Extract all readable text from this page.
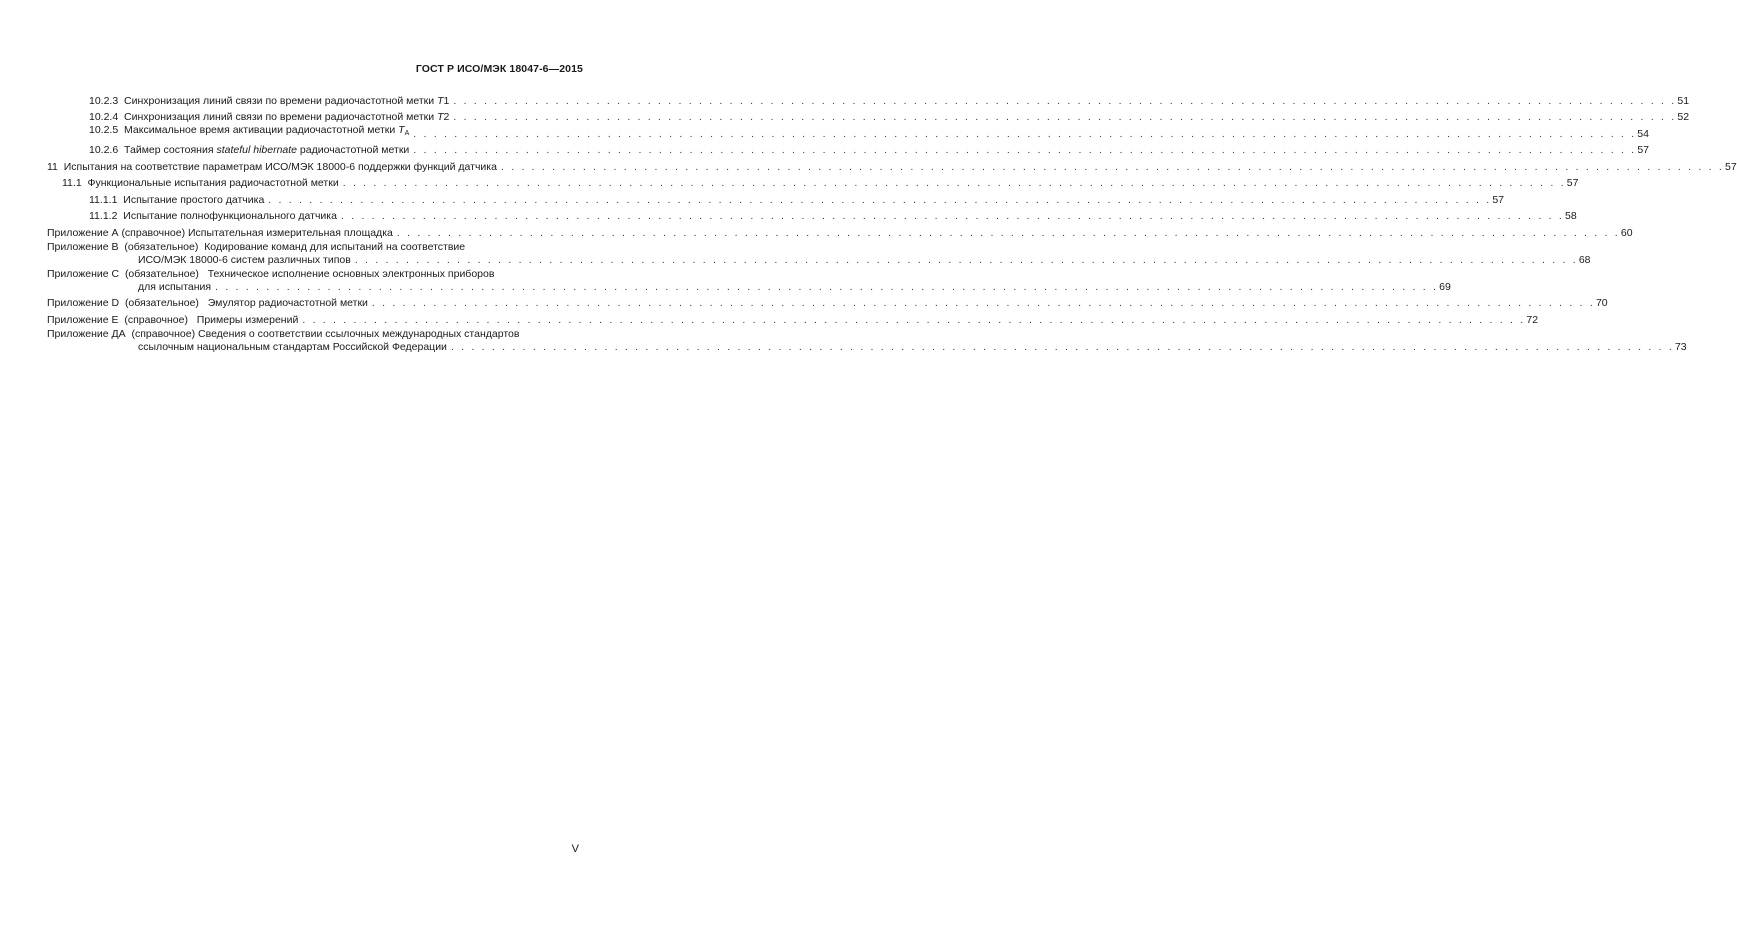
ГОСТ Р ИСО/МЭК 18047-6—2015
10.2.3 Синхронизация линий связи по времени радиочастотной метки T1 . . .	51
10.2.4 Синхронизация линий связи по времени радиочастотной метки T2 . . .	52
10.2.5 Максимальное время активации радиочастотной метки $T_A$ . . .	54
10.2.6 Таймер состояния stateful hibernate радиочастотной метки . . .	57
11 Испытания на соответствие параметрам ИСО/МЭК 18000-6 поддержки функций датчика . . .	57
11.1 Функциональные испытания радиочастотной метки . . .	57
11.1.1 Испытание простого датчика . . .	57
11.1.2 Испытание полнофункционального датчика . . .	58
Приложение А (справочное) Испытательная измерительная площадка . . .	60
Приложение В (обязательное) Кодирование команд для испытаний на соответствие
ИСО/МЭК 18000-6 систем различных типов . . .	68
Приложение С (обязательное) Техническое исполнение основных электронных приборов
для испытания . . .	69
Приложение D (обязательное) Эмулятор радиочастотной метки . . .	70
Приложение Е (справочное) Примеры измерений . . .	72
Приложение ДА (справочное) Сведения о соответствии ссылочных международных стандартов
ссылочным национальным стандартам Российской Федерации . . .	73
V
